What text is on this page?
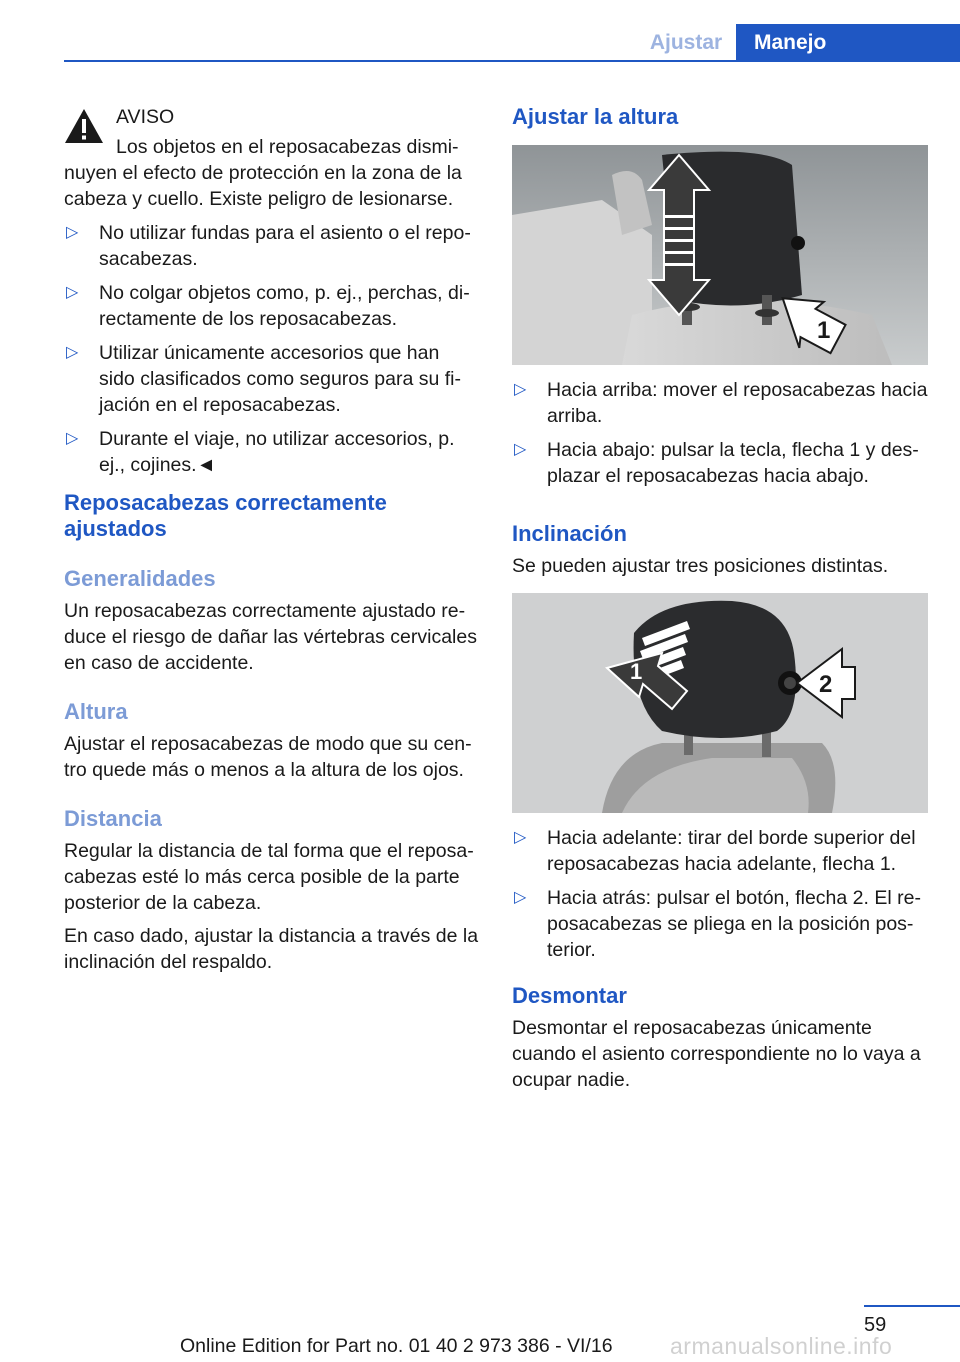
Ajustar	Manejo
AVISO

Los objetos en el reposacabezas disminuyen el efecto de protección en la zona de la cabeza y cuello. Existe peligro de lesionarse.

▷ No utilizar fundas para el asiento o el reposacabezas.
▷ No colgar objetos como, p. ej., perchas, directamente de los reposacabezas.
▷ Utilizar únicamente accesorios que han sido clasificados como seguros para su fijación en el reposacabezas.
▷ Durante el viaje, no utilizar accesorios, p. ej., cojines.◄
Reposacabezas correctamente ajustados
Generalidades

Un reposacabezas correctamente ajustado reduce el riesgo de dañar las vértebras cervicales en caso de accidente.

Altura

Ajustar el reposacabezas de modo que su centro quede más o menos a la altura de los ojos.

Distancia

Regular la distancia de tal forma que el reposacabezas esté lo más cerca posible de la parte posterior de la cabeza.

En caso dado, ajustar la distancia a través de la inclinación del respaldo.

Ajustar la altura
1
▷ Hacia arriba: mover el reposacabezas hacia arriba.
▷ Hacia abajo: pulsar la tecla, flecha 1 y desplazar el reposacabezas hacia abajo.
Inclinación

Se pueden ajustar tres posiciones distintas.

1	2
▷ Hacia adelante: tirar del borde superior del reposacabezas hacia adelante, flecha 1.
▷ Hacia atrás: pulsar el botón, flecha 2. El reposacabezas se pliega en la posición posterior.
Desmontar

Desmontar el reposacabezas únicamente cuando el asiento correspondiente no lo vaya a ocupar nadie.

59
Online Edition for Part no. 01 40 2 973 386 - VI/16 armanualsonline.info
